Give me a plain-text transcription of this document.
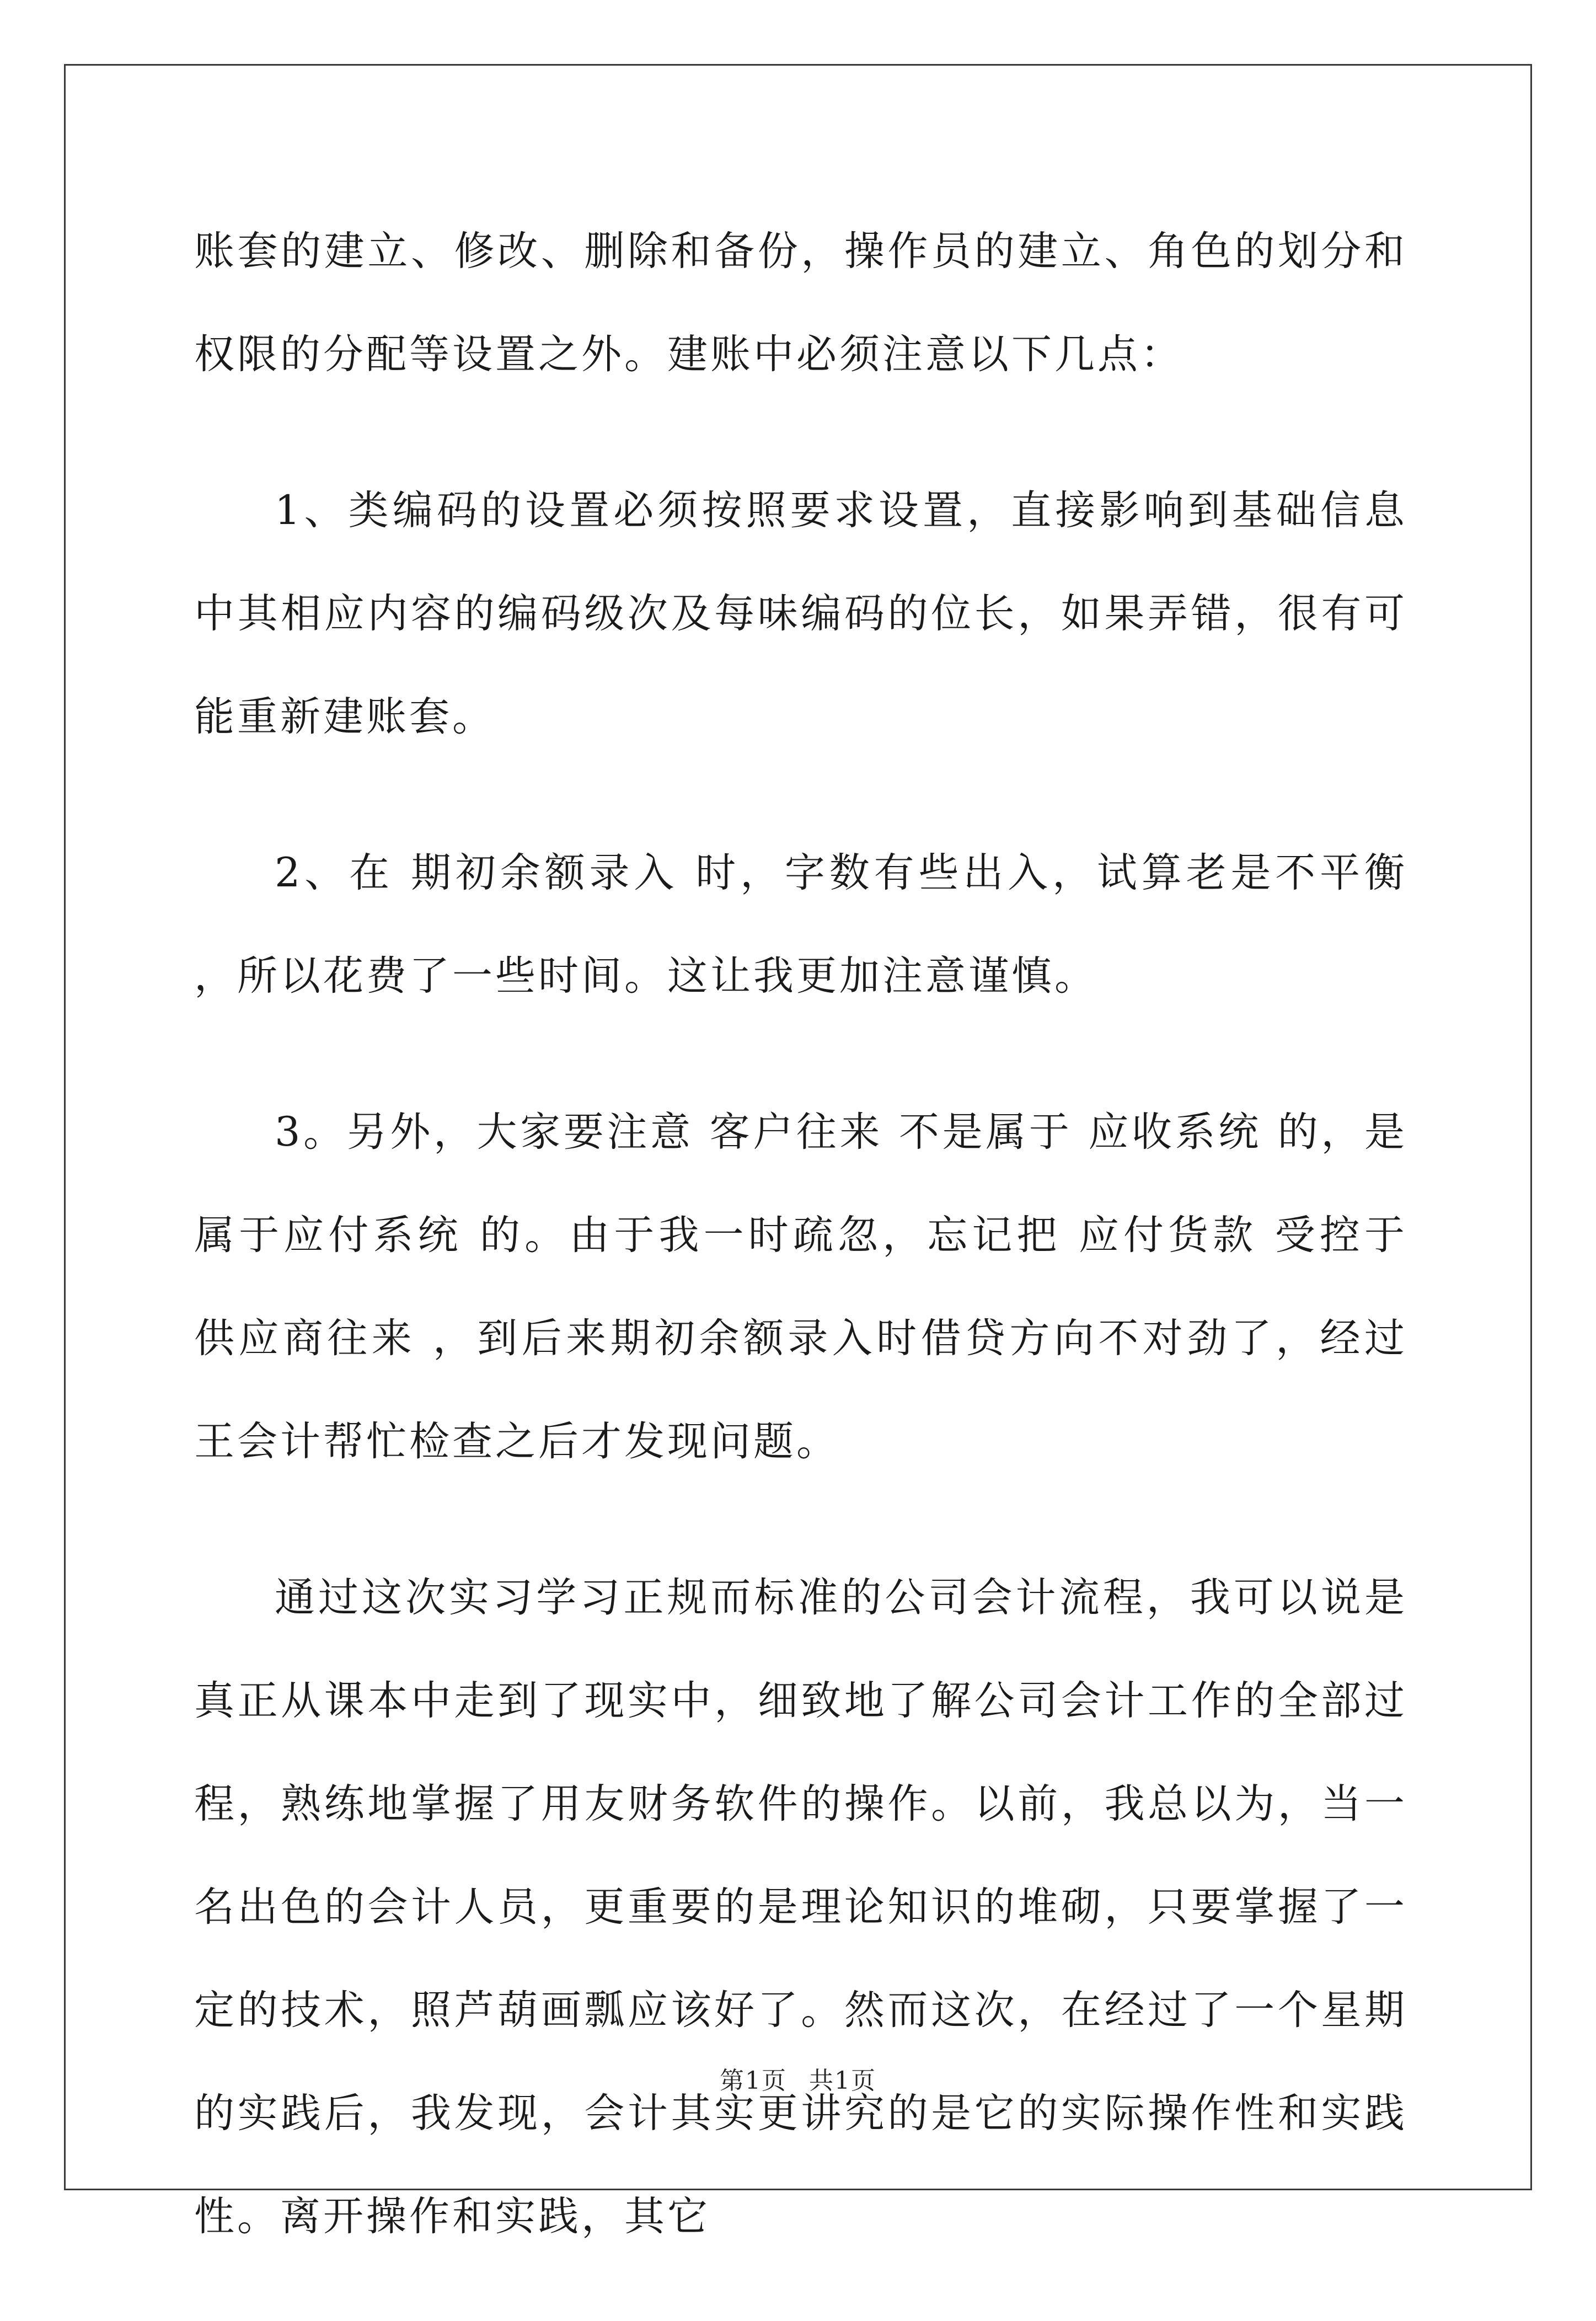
账套的建立、修改、删除和备份，操作员的建立、角色的划分和权限的分配等设置之外。建账中必须注意以下几点：

1、类编码的设置必须按照要求设置，直接影响到基础信息中其相应内容的编码级次及每味编码的位长，如果弄错，很有可能重新建账套。

2、在 期初余额录入 时，字数有些出入，试算老是不平衡，所以花费了一些时间。这让我更加注意谨慎。

3。另外，大家要注意 客户往来 不是属于 应收系统 的，是属于应付系统 的。由于我一时疏忽，忘记把 应付货款 受控于 供应商往来 ，到后来期初余额录入时借贷方向不对劲了，经过王会计帮忙检查之后才发现问题。

通过这次实习学习正规而标准的公司会计流程，我可以说是真正从课本中走到了现实中，细致地了解公司会计工作的全部过程，熟练地掌握了用友财务软件的操作。以前，我总以为，当一名出色的会计人员，更重要的是理论知识的堆砌，只要掌握了一定的技术，照芦葫画瓢应该好了。然而这次，在经过了一个星期的实践后，我发现，会计其实更讲究的是它的实际操作性和实践性。离开操作和实践，其它

第1页 共1页
